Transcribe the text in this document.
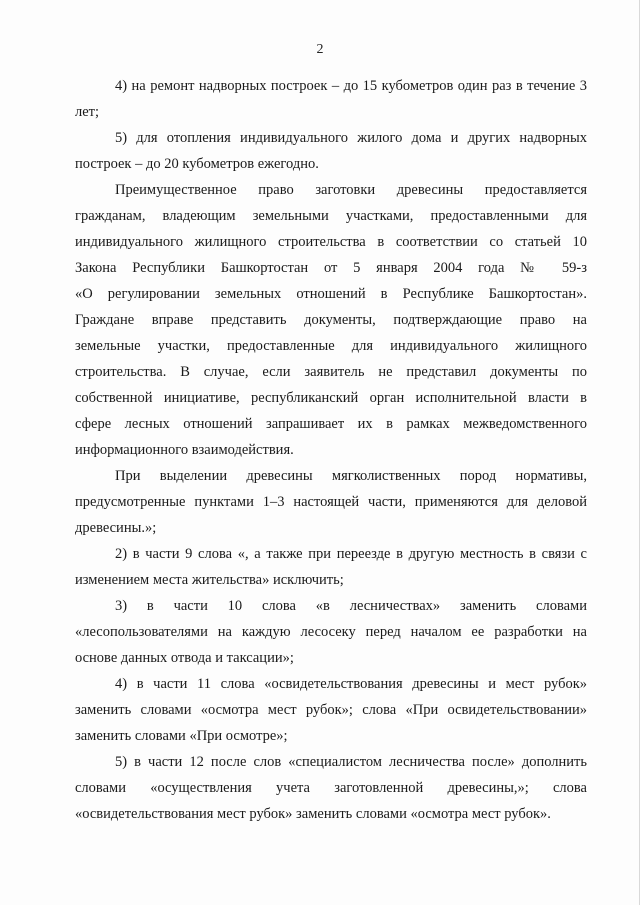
2
4) на ремонт надворных построек – до 15 кубометров один раз в течение 3
лет;
5) для отопления индивидуального жилого дома и других надворных
построек – до 20 кубометров ежегодно.
Преимущественное право заготовки древесины предоставляется
гражданам, владеющим земельными участками, предоставленными для
индивидуального жилищного строительства в соответствии со статьей 10
Закона Республики Башкортостан от 5 января 2004 года № 59-з
«О регулировании земельных отношений в Республике Башкортостан».
Граждане вправе представить документы, подтверждающие право на
земельные участки, предоставленные для индивидуального жилищного
строительства. В случае, если заявитель не представил документы по
собственной инициативе, республиканский орган исполнительной власти в
сфере лесных отношений запрашивает их в рамках межведомственного
информационного взаимодействия.
При выделении древесины мягколиственных пород нормативы,
предусмотренные пунктами 1–3 настоящей части, применяются для деловой
древесины.»;
2) в части 9 слова «, а также при переезде в другую местность в связи с
изменением места жительства» исключить;
3) в части 10 слова «в лесничествах» заменить словами
«лесопользователями на каждую лесосеку перед началом ее разработки на
основе данных отвода и таксации»;
4) в части 11 слова «освидетельствования древесины и мест рубок»
заменить словами «осмотра мест рубок»; слова «При освидетельствовании»
заменить словами «При осмотре»;
5) в части 12 после слов «специалистом лесничества после» дополнить
словами «осуществления учета заготовленной древесины,»; слова
«освидетельствования мест рубок» заменить словами «осмотра мест рубок».
